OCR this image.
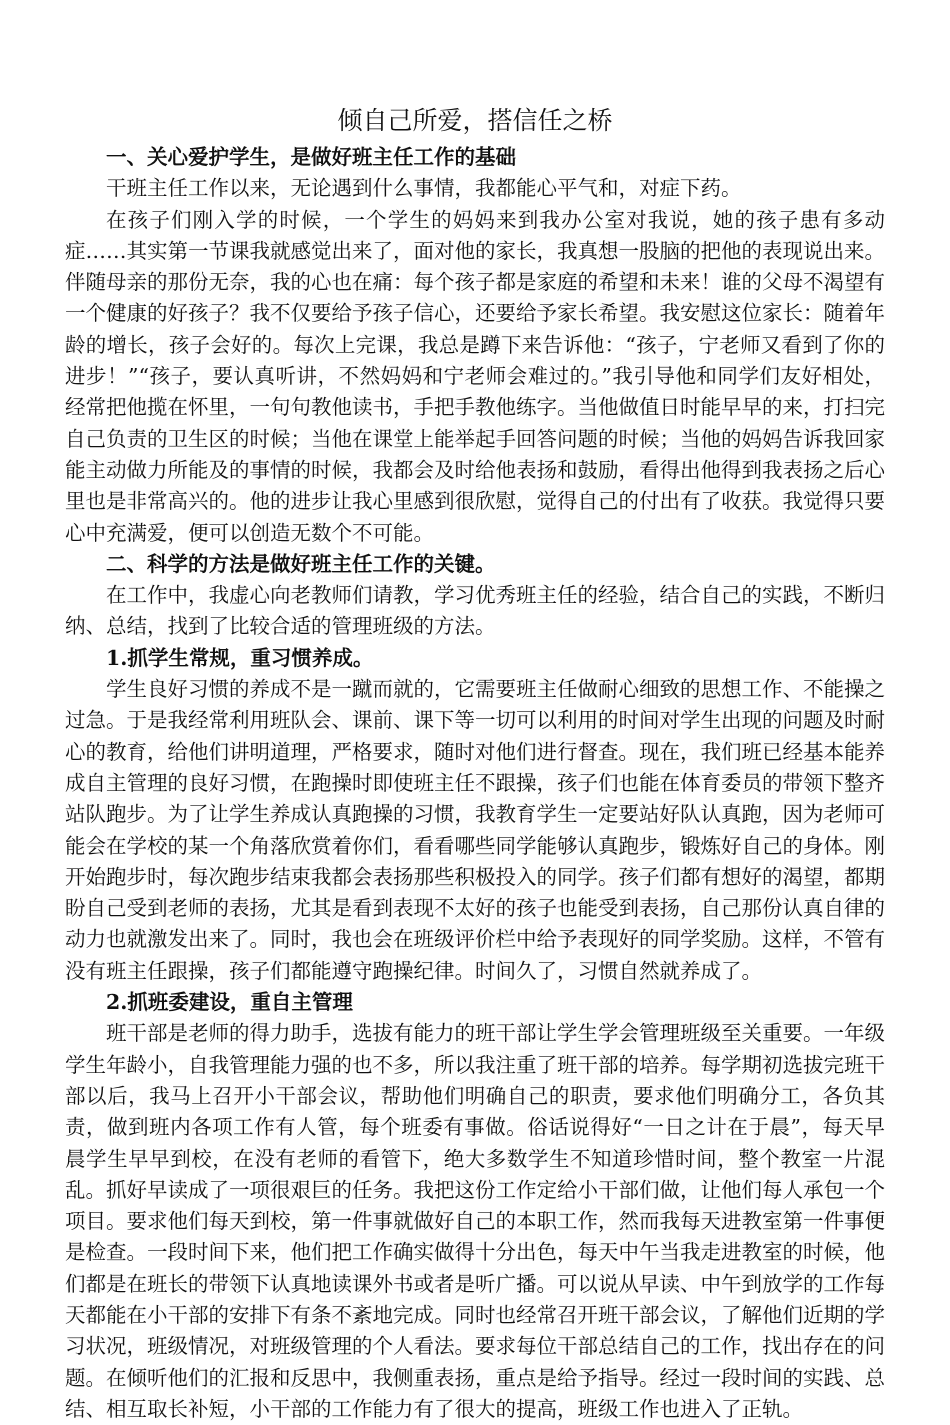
倾自己所爱，搭信任之桥
一、关心爱护学生，是做好班主任工作的基础
干班主任工作以来，无论遇到什么事情，我都能心平气和，对症下药。
在孩子们刚入学的时候，一个学生的妈妈来到我办公室对我说，她的孩子患有多动症……其实第一节课我就感觉出来了，面对他的家长，我真想一股脑的把他的表现说出来。伴随母亲的那份无奈，我的心也在痛：每个孩子都是家庭的希望和未来！谁的父母不渴望有一个健康的好孩子？我不仅要给予孩子信心，还要给予家长希望。我安慰这位家长：随着年龄的增长，孩子会好的。每次上完课，我总是蹲下来告诉他：“孩子，宁老师又看到了你的进步！”“孩子，要认真听讲，不然妈妈和宁老师会难过的。”我引导他和同学们友好相处，经常把他揽在怀里，一句句教他读书，手把手教他练字。当他做值日时能早早的来，打扫完自己负责的卫生区的时候；当他在课堂上能举起手回答问题的时候；当他的妈妈告诉我回家能主动做力所能及的事情的时候，我都会及时给他表扬和鼓励，看得出他得到我表扬之后心里也是非常高兴的。他的进步让我心里感到很欣慰，觉得自己的付出有了收获。我觉得只要心中充满爱，便可以创造无数个不可能。
二、科学的方法是做好班主任工作的关键。
在工作中，我虚心向老教师们请教，学习优秀班主任的经验，结合自己的实践，不断归纳、总结，找到了比较合适的管理班级的方法。
1.抓学生常规，重习惯养成。
学生良好习惯的养成不是一蹴而就的，它需要班主任做耐心细致的思想工作、不能操之过急。于是我经常利用班队会、课前、课下等一切可以利用的时间对学生出现的问题及时耐心的教育，给他们讲明道理，严格要求，随时对他们进行督查。现在，我们班已经基本能养成自主管理的良好习惯，在跑操时即使班主任不跟操，孩子们也能在体育委员的带领下整齐站队跑步。为了让学生养成认真跑操的习惯，我教育学生一定要站好队认真跑，因为老师可能会在学校的某一个角落欣赏着你们，看看哪些同学能够认真跑步，锻炼好自己的身体。刚开始跑步时，每次跑步结束我都会表扬那些积极投入的同学。孩子们都有想好的渴望，都期盼自己受到老师的表扬，尤其是看到表现不太好的孩子也能受到表扬，自己那份认真自律的动力也就激发出来了。同时，我也会在班级评价栏中给予表现好的同学奖励。这样，不管有没有班主任跟操，孩子们都能遵守跑操纪律。时间久了，习惯自然就养成了。
2.抓班委建设，重自主管理
班干部是老师的得力助手，选拔有能力的班干部让学生学会管理班级至关重要。一年级学生年龄小，自我管理能力强的也不多，所以我注重了班干部的培养。每学期初选拔完班干部以后，我马上召开小干部会议，帮助他们明确自己的职责，要求他们明确分工，各负其责，做到班内各项工作有人管，每个班委有事做。俗话说得好“一日之计在于晨”，每天早晨学生早早到校，在没有老师的看管下，绝大多数学生不知道珍惜时间，整个教室一片混乱。抓好早读成了一项很艰巨的任务。我把这份工作定给小干部们做，让他们每人承包一个项目。要求他们每天到校，第一件事就做好自己的本职工作，然而我每天进教室第一件事便是检查。一段时间下来，他们把工作确实做得十分出色，每天中午当我走进教室的时候，他们都是在班长的带领下认真地读课外书或者是听广播。可以说从早读、中午到放学的工作每天都能在小干部的安排下有条不紊地完成。同时也经常召开班干部会议，了解他们近期的学习状况，班级情况，对班级管理的个人看法。要求每位干部总结自己的工作，找出存在的问题。在倾听他们的汇报和反思中，我侧重表扬，重点是给予指导。经过一段时间的实践、总结、相互取长补短，小干部的工作能力有了很大的提高，班级工作也进入了正轨。
